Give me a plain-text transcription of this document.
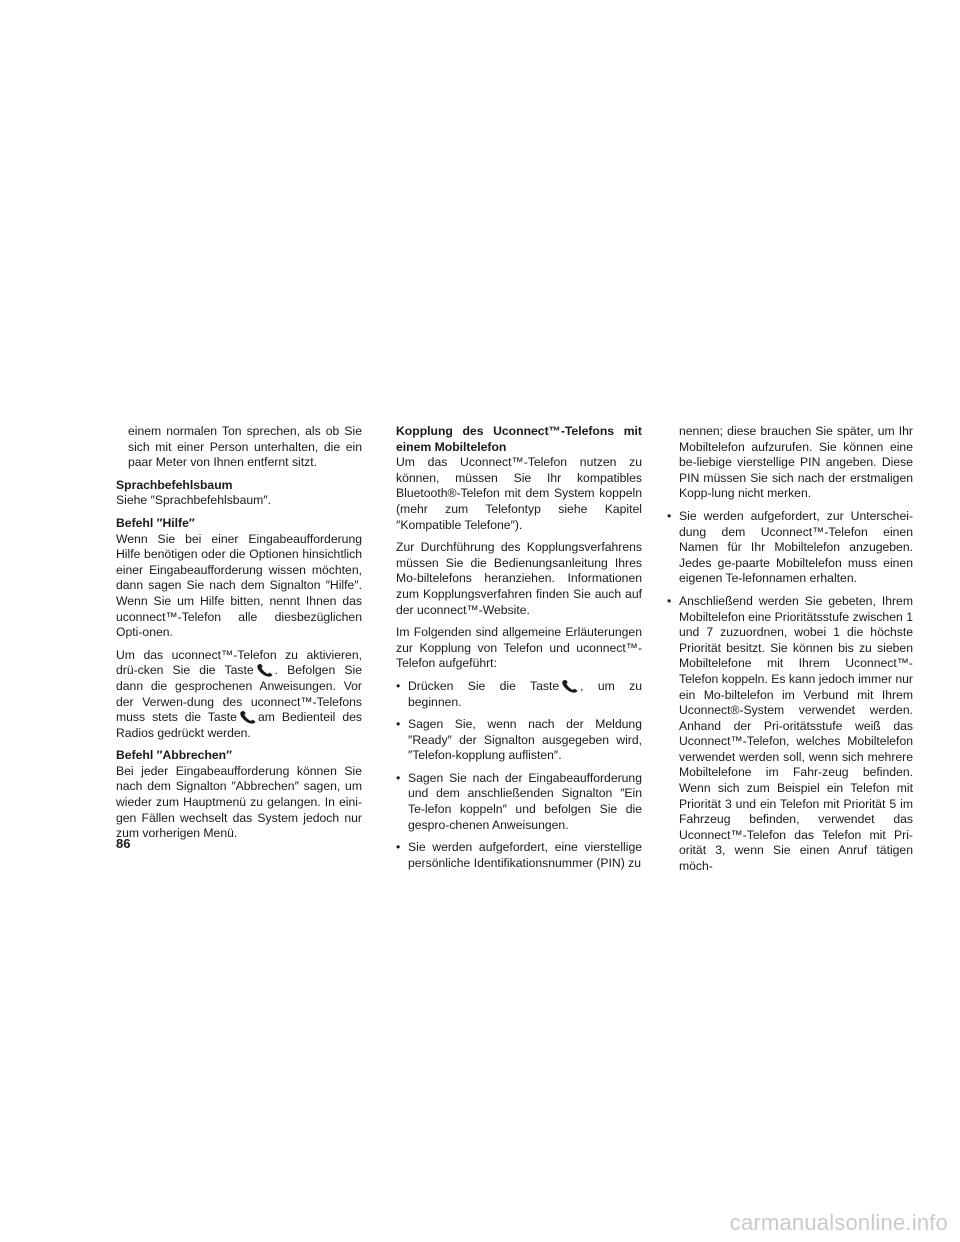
einem normalen Ton sprechen, als ob Sie sich mit einer Person unterhalten, die ein paar Meter von Ihnen entfernt sitzt.

Sprachbefehlsbaum
Siehe ″Sprachbefehlsbaum″.

Befehl ″Hilfe″
Wenn Sie bei einer Eingabeaufforderung Hilfe benötigen oder die Optionen hinsichtlich einer Eingabeaufforderung wissen möchten, dann sagen Sie nach dem Signalton ″Hilfe″. Wenn Sie um Hilfe bitten, nennt Ihnen das uconnect™-Telefon alle diesbezüglichen Opti-onen.

Um das uconnect™-Telefon zu aktivieren, drü-cken Sie die Taste . Befolgen Sie dann die gesprochenen Anweisungen. Vor der Verwen-dung des uconnect™-Telefons muss stets die Taste am Bedienteil des Radios gedrückt werden.

Befehl ″Abbrechen″
Bei jeder Eingabeaufforderung können Sie nach dem Signalton ″Abbrechen″ sagen, um wieder zum Hauptmenü zu gelangen. In eini-gen Fällen wechselt das System jedoch nur zum vorherigen Menü.

Kopplung des Uconnect™-Telefons mit einem Mobiltelefon

Um das Uconnect™-Telefon nutzen zu können, müssen Sie Ihr kompatibles Bluetooth®-Telefon mit dem System koppeln (mehr zum Telefontyp siehe Kapitel ″Kompatible Telefone″).

Zur Durchführung des Kopplungsverfahrens müssen Sie die Bedienungsanleitung Ihres Mo-biltelefons heranziehen. Informationen zum Kopplungsverfahren finden Sie auch auf der uconnect™-Website.

Im Folgenden sind allgemeine Erläuterungen zur Kopplung von Telefon und uconnect™-Telefon aufgeführt:

• Drücken Sie die Taste , um zu beginnen.
• Sagen Sie, wenn nach der Meldung ″Ready″ der Signalton ausgegeben wird, ″Telefon-kopplung auflisten″.
• Sagen Sie nach der Eingabeaufforderung und dem anschließenden Signalton ″Ein Te-lefon koppeln″ und befolgen Sie die gespro-chenen Anweisungen.
• Sie werden aufgefordert, eine vierstellige persönliche Identifikationsnummer (PIN) zu

nennen; diese brauchen Sie später, um Ihr Mobiltelefon aufzurufen. Sie können eine be-liebige vierstellige PIN angeben. Diese PIN müssen Sie sich nach der erstmaligen Kopp-lung nicht merken.

• Sie werden aufgefordert, zur Unterschei-dung dem Uconnect™-Telefon einen Namen für Ihr Mobiltelefon anzugeben. Jedes ge-paarte Mobiltelefon muss einen eigenen Te-lefonnamen erhalten.
• Anschließend werden Sie gebeten, Ihrem Mobiltelefon eine Prioritätsstufe zwischen 1 und 7 zuzuordnen, wobei 1 die höchste Priorität besitzt. Sie können bis zu sieben Mobiltelefone mit Ihrem Uconnect™-Telefon koppeln. Es kann jedoch immer nur ein Mo-biltelefon im Verbund mit Ihrem Uconnect®-System verwendet werden. Anhand der Pri-oritätsstufe weiß das Uconnect™-Telefon, welches Mobiltelefon verwendet werden soll, wenn sich mehrere Mobiltelefone im Fahr-zeug befinden. Wenn sich zum Beispiel ein Telefon mit Priorität 3 und ein Telefon mit Priorität 5 im Fahrzeug befinden, verwendet das Uconnect™-Telefon das Telefon mit Pri-orität 3, wenn Sie einen Anruf tätigen möch-
86
carmanualsonline.info
